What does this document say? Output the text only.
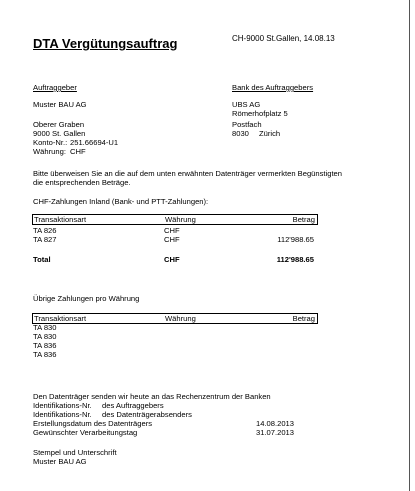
DTA Vergütungsauftrag	CH-9000 St.Gallen, 14.08.13
Auftraggeber
Muster BAU AG
Oberer Graben
9000 St. Gallen
Konto-Nr.: 251.66694-U1
Währung: CHF
Bank des Auftraggebers
UBS AG
Römerhofplatz 5
Postfach
8030 Zürich
Bitte überweisen Sie an die auf dem unten erwähnten Datenträger vermerkten Begünstigten
die entsprechenden Beträge.
CHF-Zahlungen Inland (Bank- und PTT-Zahlungen):
Transaktionsart	Währung	Betrag
TA 826	CHF
TA 827	CHF	112'988.65
Total	CHF	112'988.65
Übrige Zahlungen pro Währung
Transaktionsart	Währung	Betrag
TA 830
TA 830
TA 836
TA 836
Den Datenträger senden wir heute an das Rechenzentrum der Banken
Identifikations-Nr. des Auftraggebers
Identifikations-Nr. des Datenträgerabsenders
Erstellungsdatum des Datenträgers	14.08.2013
Gewünschter Verarbeitungstag	31.07.2013
Stempel und Unterschrift
Muster BAU AG
